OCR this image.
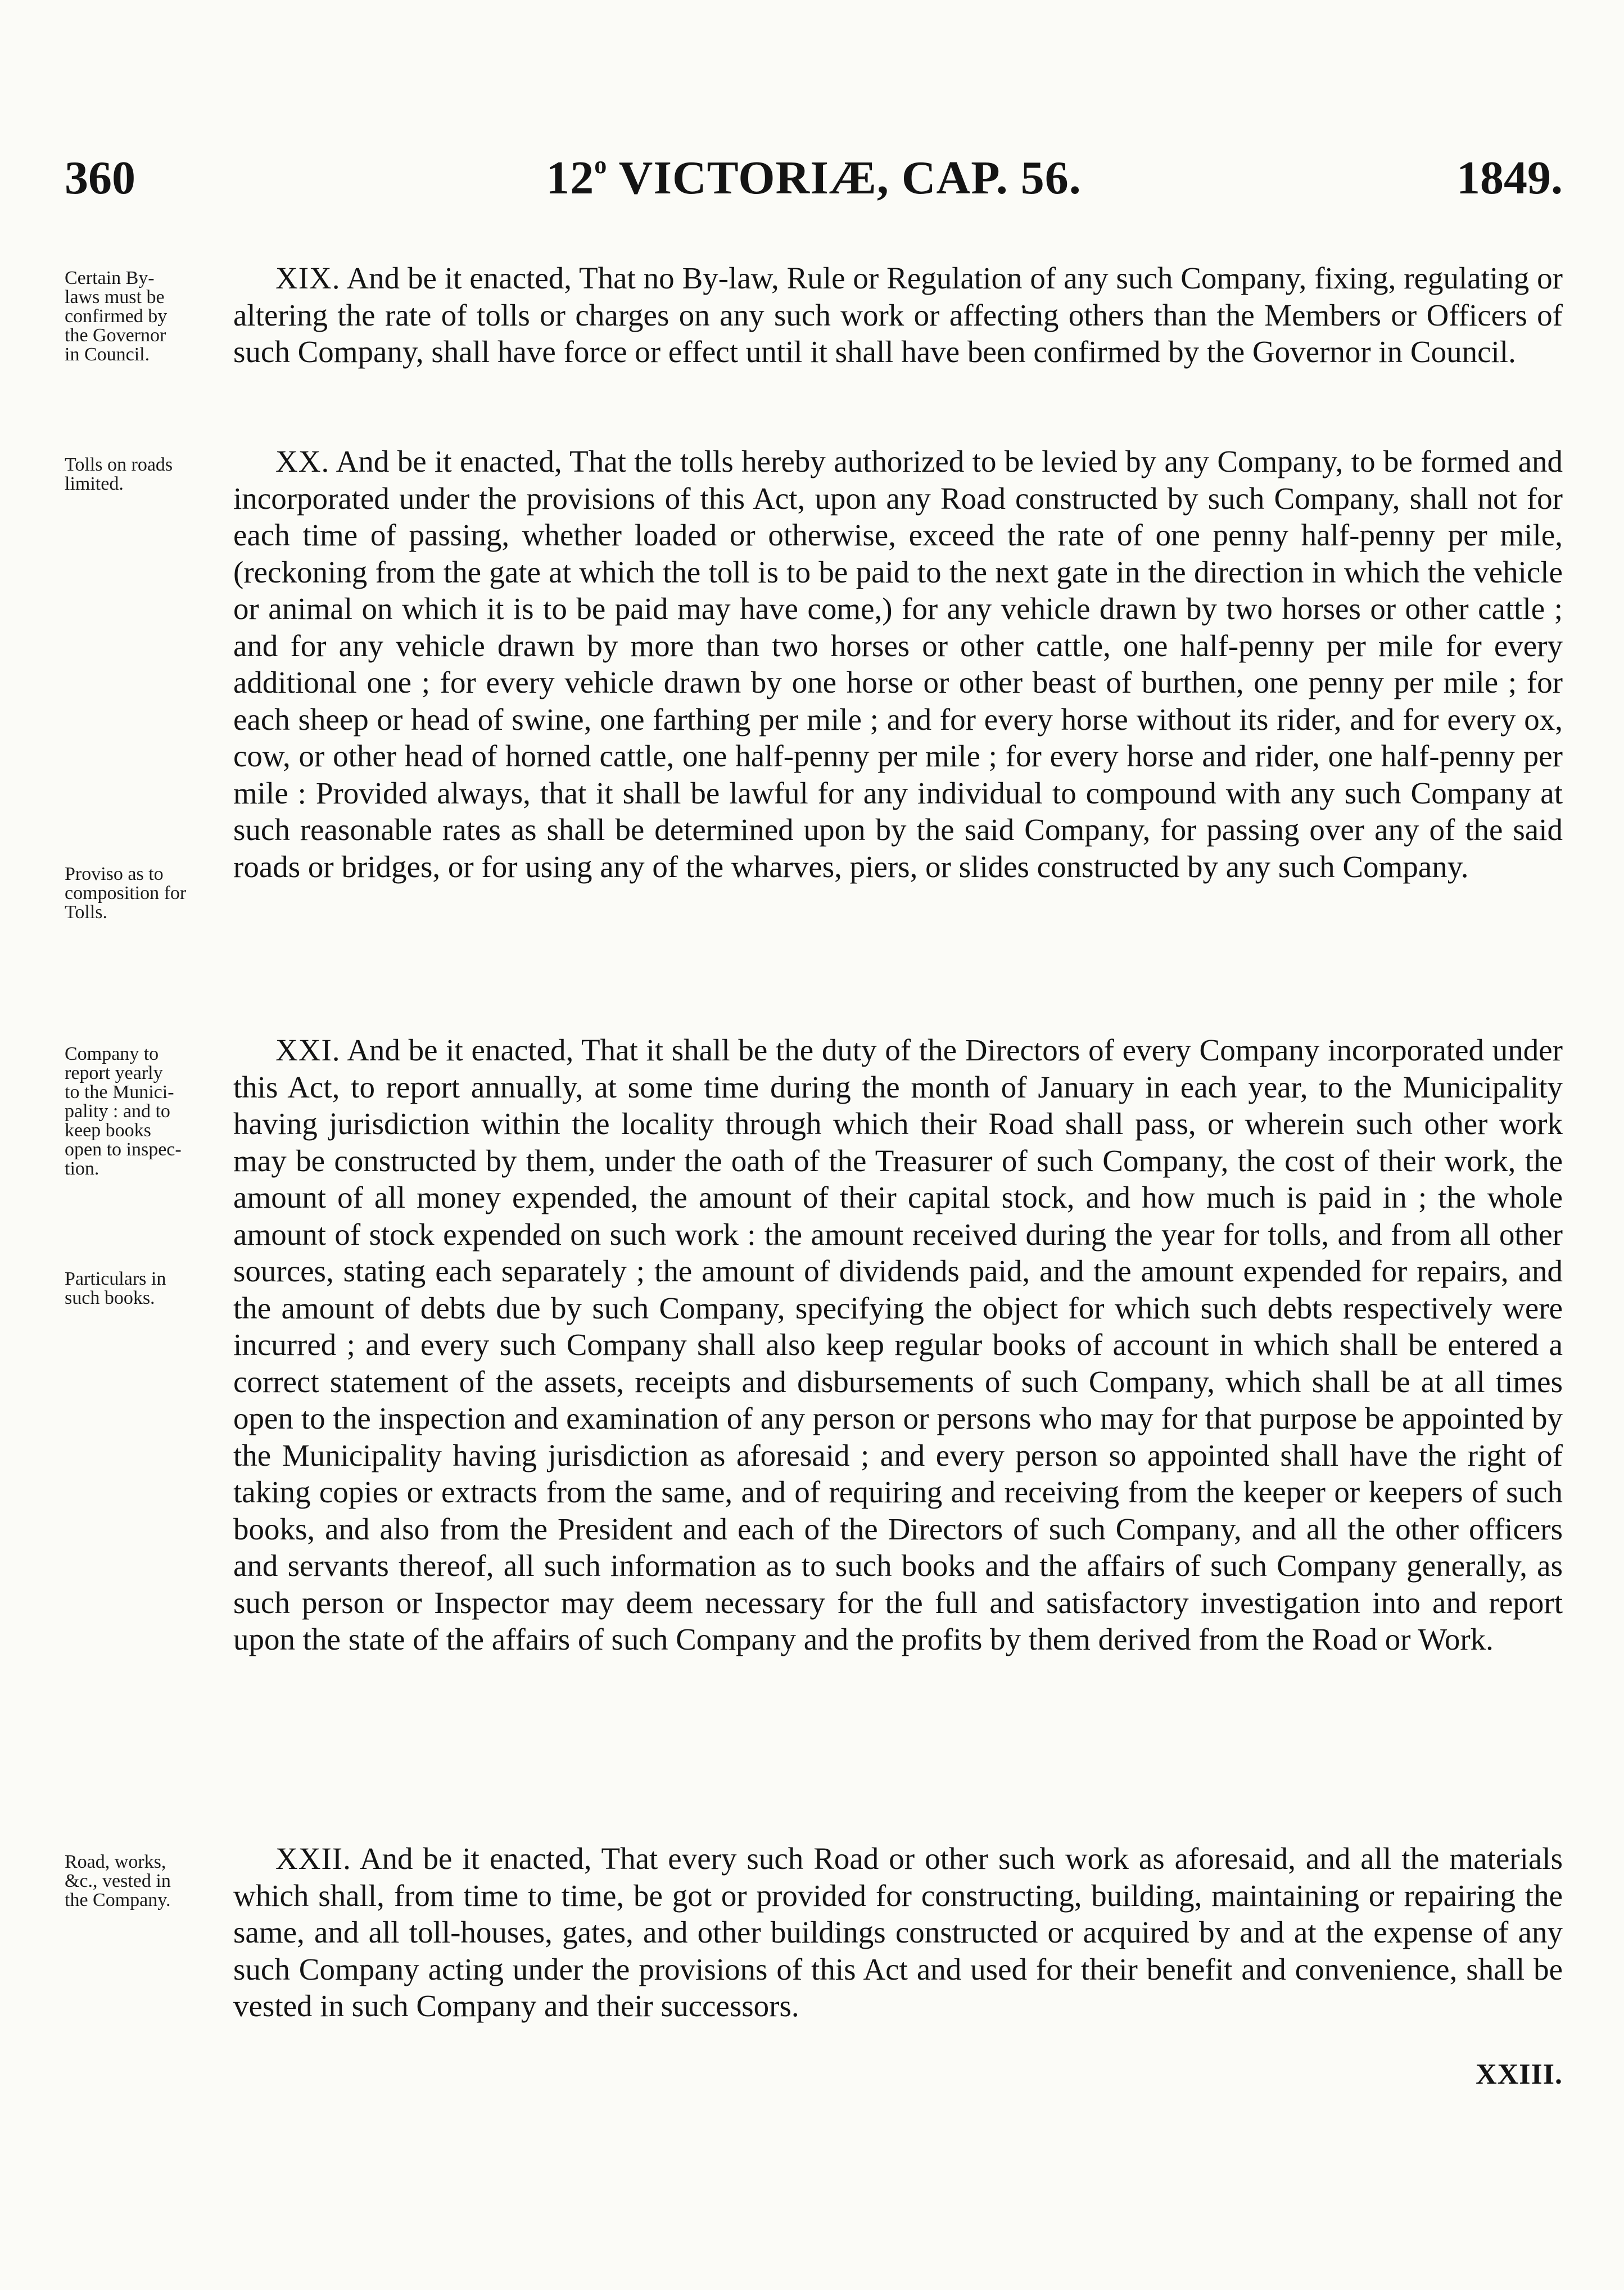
360	12$^o$ VICTORIÆ, CAP. 56.	1849.
Certain By-
laws must be
confirmed by
the Governor
in Council.
Tolls on roads
limited.
Proviso as to
composition for
Tolls.
Company to
report yearly
to the Munici-
pality : and to
keep books
open to inspec-
tion.
Particulars in
such books.
Road, works,
&c., vested in
the Company.

XIX. And be it enacted, That no By-law, Rule or Regulation of any such Company, fixing, regulating or altering the rate of tolls or charges on any such work or affecting others than the Members or Officers of such Company, shall have force or effect until it shall have been confirmed by the Governor in Council.

XX. And be it enacted, That the tolls hereby authorized to be levied by any Company, to be formed and incorporated under the provisions of this Act, upon any Road constructed by such Company, shall not for each time of passing, whether loaded or otherwise, exceed the rate of one penny half-penny per mile, (reckoning from the gate at which the toll is to be paid to the next gate in the direction in which the vehicle or animal on which it is to be paid may have come,) for any vehicle drawn by two horses or other cattle ; and for any vehicle drawn by more than two horses or other cattle, one half-penny per mile for every additional one ; for every vehicle drawn by one horse or other beast of burthen, one penny per mile ; for each sheep or head of swine, one farthing per mile ; and for every horse without its rider, and for every ox, cow, or other head of horned cattle, one half-penny per mile ; for every horse and rider, one half-penny per mile : Provided always, that it shall be lawful for any individual to compound with any such Company at such reasonable rates as shall be determined upon by the said Company, for passing over any of the said roads or bridges, or for using any of the wharves, piers, or slides constructed by any such Company.

XXI. And be it enacted, That it shall be the duty of the Directors of every Company incorporated under this Act, to report annually, at some time during the month of January in each year, to the Municipality having jurisdiction within the locality through which their Road shall pass, or wherein such other work may be constructed by them, under the oath of the Treasurer of such Company, the cost of their work, the amount of all money expended, the amount of their capital stock, and how much is paid in ; the whole amount of stock expended on such work : the amount received during the year for tolls, and from all other sources, stating each separately ; the amount of dividends paid, and the amount expended for repairs, and the amount of debts due by such Company, specifying the object for which such debts respectively were incurred ; and every such Company shall also keep regular books of account in which shall be entered a correct statement of the assets, receipts and disbursements of such Company, which shall be at all times open to the inspection and examination of any person or persons who may for that purpose be appointed by the Municipality having jurisdiction as aforesaid ; and every person so appointed shall have the right of taking copies or extracts from the same, and of requiring and receiving from the keeper or keepers of such books, and also from the President and each of the Directors of such Company, and all the other officers and servants thereof, all such information as to such books and the affairs of such Company generally, as such person or Inspector may deem necessary for the full and satisfactory investigation into and report upon the state of the affairs of such Company and the profits by them derived from the Road or Work.

XXII. And be it enacted, That every such Road or other such work as aforesaid, and all the materials which shall, from time to time, be got or provided for constructing, building, maintaining or repairing the same, and all toll-houses, gates, and other buildings constructed or acquired by and at the expense of any such Company acting under the provisions of this Act and used for their benefit and convenience, shall be vested in such Company and their successors.

XXIII.
